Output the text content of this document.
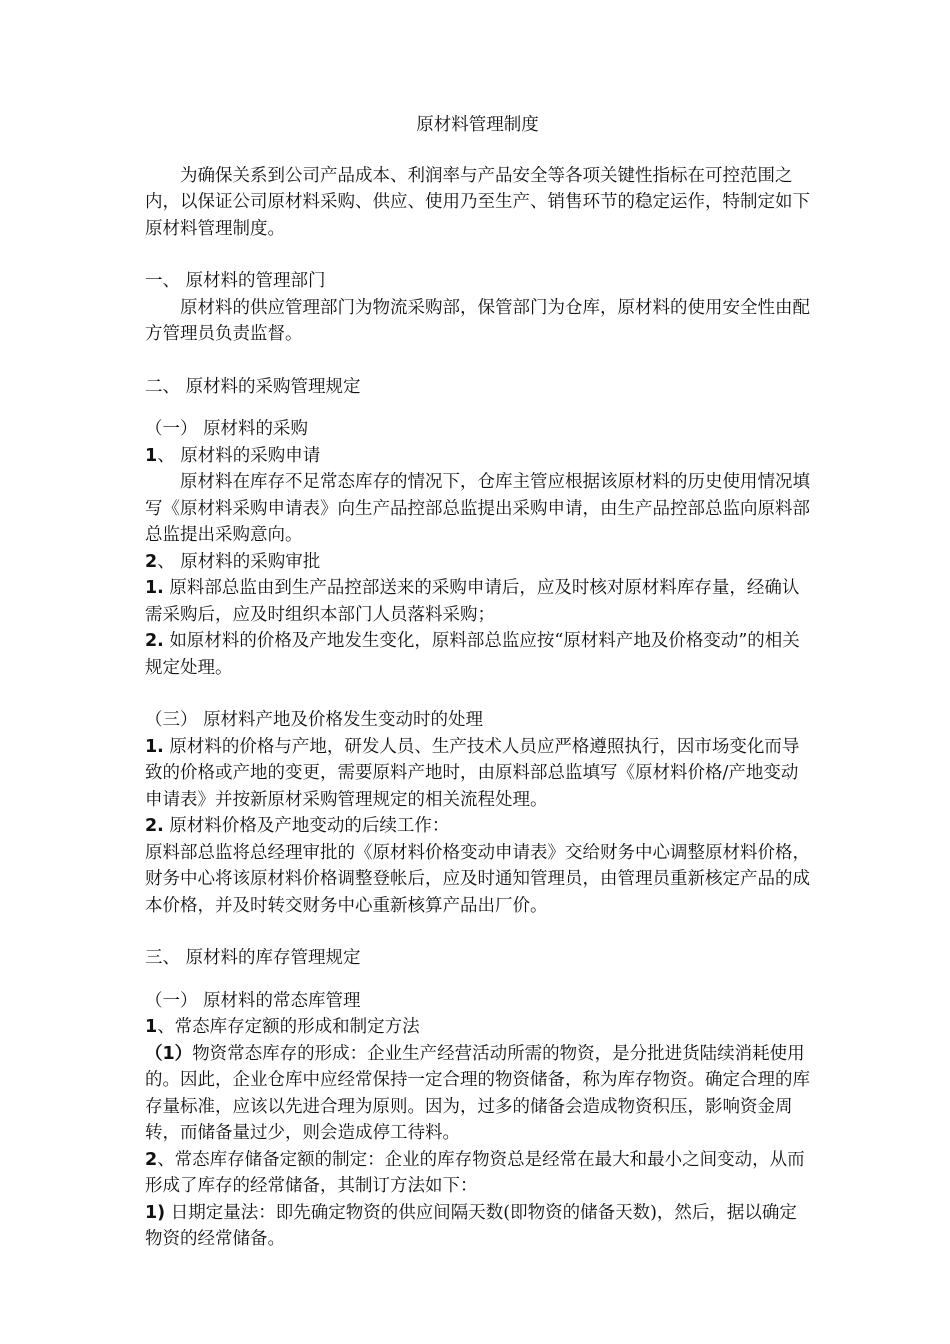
原材料管理制度

为确保关系到公司产品成本、利润率与产品安全等各项关键性指标在可控范围之内，以保证公司原材料采购、供应、使用乃至生产、销售环节的稳定运作，特制定如下原材料管理制度。

一、 原材料的管理部门

原材料的供应管理部门为物流采购部，保管部门为仓库，原材料的使用安全性由配方管理员负责监督。

二、 原材料的采购管理规定

（一） 原材料的采购

1、 原材料的采购申请

原材料在库存不足常态库存的情况下，仓库主管应根据该原材料的历史使用情况填写《原材料采购申请表》向生产品控部总监提出采购申请，由生产品控部总监向原料部总监提出采购意向。

2、 原材料的采购审批

1. 原料部总监由到生产品控部送来的采购申请后，应及时核对原材料库存量，经确认需采购后，应及时组织本部门人员落料采购；

2. 如原材料的价格及产地发生变化，原料部总监应按“原材料产地及价格变动”的相关规定处理。

（三） 原材料产地及价格发生变动时的处理

1. 原材料的价格与产地，研发人员、生产技术人员应严格遵照执行，因市场变化而导致的价格或产地的变更，需要原料产地时，由原料部总监填写《原材料价格/产地变动申请表》并按新原材采购管理规定的相关流程处理。

2. 原材料价格及产地变动的后续工作：

原料部总监将总经理审批的《原材料价格变动申请表》交给财务中心调整原材料价格，财务中心将该原材料价格调整登帐后，应及时通知管理员，由管理员重新核定产品的成本价格，并及时转交财务中心重新核算产品出厂价。

三、 原材料的库存管理规定

（一） 原材料的常态库管理

1、常态库存定额的形成和制定方法

（1）物资常态库存的形成：企业生产经营活动所需的物资，是分批进货陆续消耗使用的。因此，企业仓库中应经常保持一定合理的物资储备，称为库存物资。确定合理的库存量标准，应该以先进合理为原则。因为，过多的储备会造成物资积压，影响资金周转，而储备量过少，则会造成停工待料。

2、常态库存储备定额的制定：企业的库存物资总是经常在最大和最小之间变动，从而形成了库存的经常储备，其制订方法如下：

1) 日期定量法：即先确定物资的供应间隔天数(即物资的储备天数)，然后，据以确定物资的经常储备。
